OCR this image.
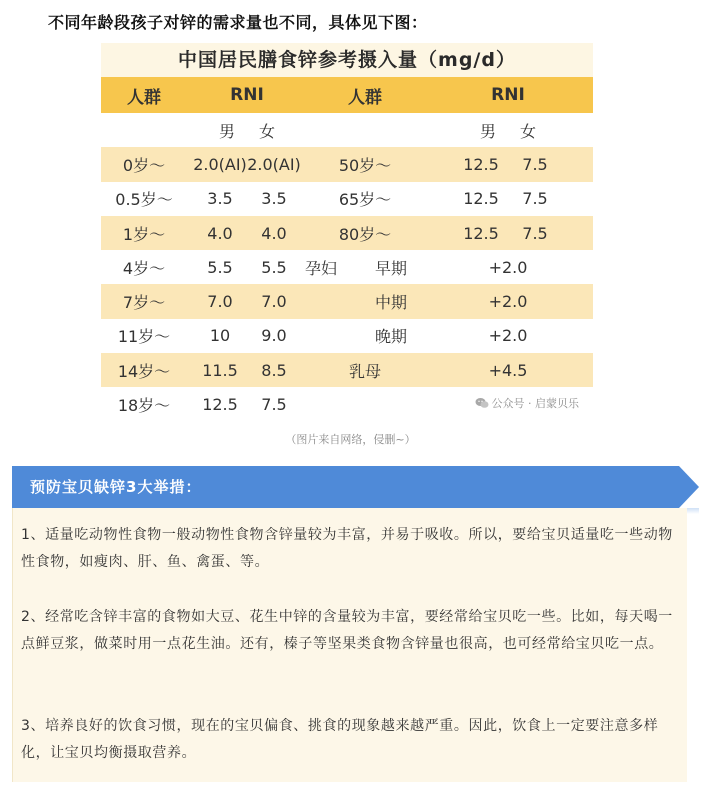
不同年龄段孩子对锌的需求量也不同，具体见下图：
中国居民膳食锌参考摄入量（mg/d）
人群	RNI	人群	RNI
	男 女		男 女
0岁～	2.0(AI)2.0(AI)	50岁～	12.5 7.5
0.5岁～	3.5 3.5	65岁～	12.5 7.5
1岁～	4.0 4.0	80岁～	12.5 7.5
4岁～	5.5 5.5	孕妇 早期	+2.0
7岁～	7.0 7.0	中期	+2.0
11岁～	10 9.0	晚期	+2.0
14岁～	11.5 8.5	乳母	+4.5
18岁～	12.5 7.5			公众号 · 启蒙贝乐
（图片来自网络，侵删~）
预防宝贝缺锌3大举措：
1、适量吃动物性食物一般动物性食物含锌量较为丰富，并易于吸收。所以，要给宝贝适量吃一些动物性食物，如瘦肉、肝、鱼、禽蛋、等。
2、经常吃含锌丰富的食物如大豆、花生中锌的含量较为丰富，要经常给宝贝吃一些。比如，每天喝一点鲜豆浆，做菜时用一点花生油。还有，榛子等坚果类食物含锌量也很高，也可经常给宝贝吃一点。
3、培养良好的饮食习惯，现在的宝贝偏食、挑食的现象越来越严重。因此，饮食上一定要注意多样化，让宝贝均衡摄取营养。
